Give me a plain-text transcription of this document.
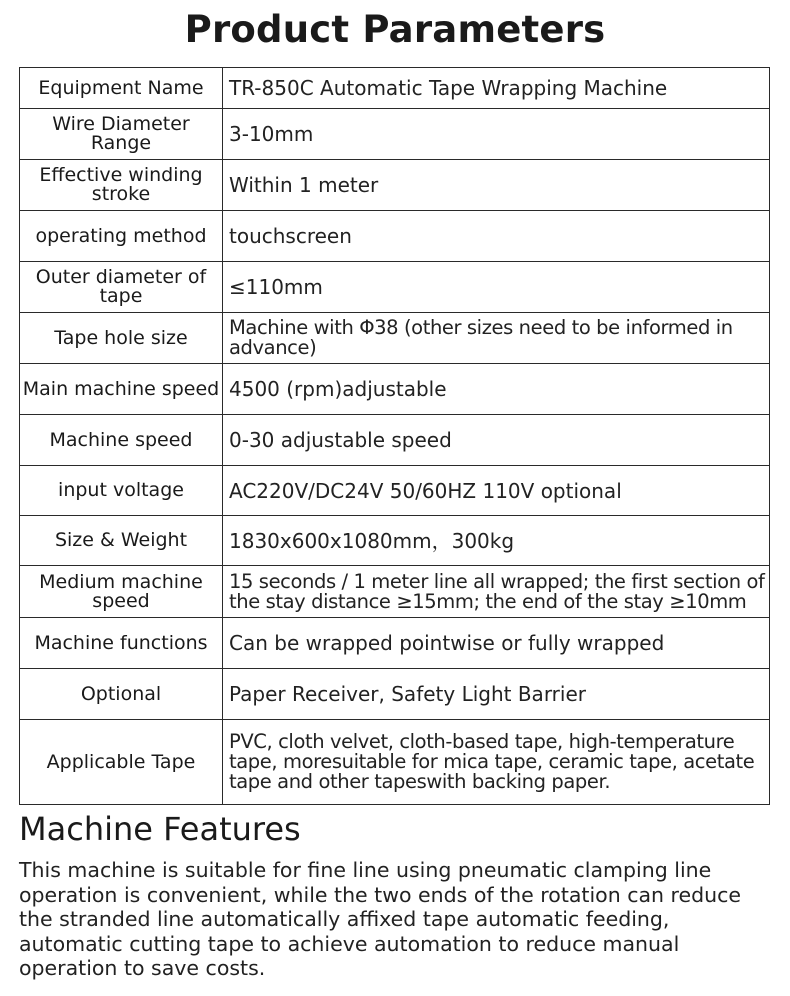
Product Parameters
Equipment Name	TR-850C Automatic Tape Wrapping Machine
Wire Diameter Range	3-10mm
Effective winding stroke	Within 1 meter
operating method	touchscreen
Outer diameter of tape	≤110mm
Tape hole size	Machine with Φ38 (other sizes need to be informed in advance)
Main machine speed	4500 (rpm)adjustable
Machine speed	0-30 adjustable speed
input voltage	AC220V/DC24V 50/60HZ 110V optional
Size & Weight	1830x600x1080mm，300kg
Medium machine speed	15 seconds / 1 meter line all wrapped; the first section of the stay distance ≥15mm; the end of the stay ≥10mm
Machine functions	Can be wrapped pointwise or fully wrapped
Optional	Paper Receiver, Safety Light Barrier
Applicable Tape	PVC, cloth velvet, cloth-based tape, high-temperature tape, moresuitable for mica tape, ceramic tape, acetate tape and other tapeswith backing paper.
Machine Features
This machine is suitable for fine line using pneumatic clamping line operation is convenient, while the two ends of the rotation can reduce the stranded line automatically affixed tape automatic feeding, automatic cutting tape to achieve automation to reduce manual operation to save costs.
